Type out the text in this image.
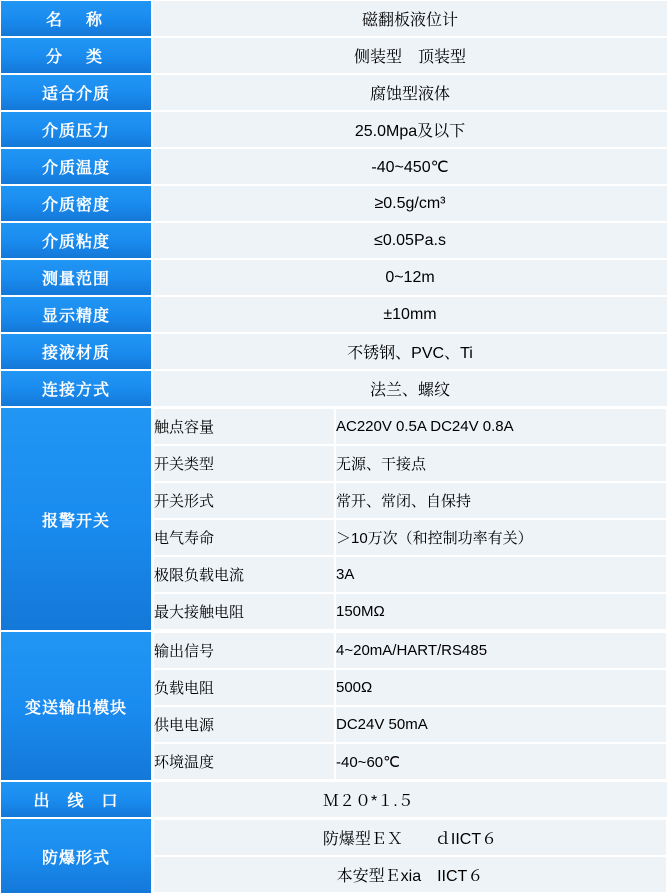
名　称	磁翻板液位计
分　类	侧装型　顶装型
适合介质	腐蚀型液体
介质压力	25.0Mpa及以下
介质温度	-40~450℃
介质密度	≥0.5g/cm³
介质粘度	≤0.05Pa.s
测量范围	0~12m
显示精度	±10mm
接液材质	不锈钢、PVC、Ti
连接方式	法兰、螺纹
报警开关	
触点容量	AC220V 0.5A DC24V 0.8A
开关类型	无源、干接点
开关形式	常开、常闭、自保持
电气寿命	＞10万次（和控制功率有关）
极限负载电流	3A
最大接触电阻	150MΩ

变送输出模块	
输出信号	4~20mA/HART/RS485
负载电阻	500Ω
供电电源	DC24V 50mA
环境温度	-40~60℃

出　线　口	Ｍ２０*１.５
防爆形式	
防爆型ＥＸ　　ｄIICT６
本安型Ｅxia　IICT６
